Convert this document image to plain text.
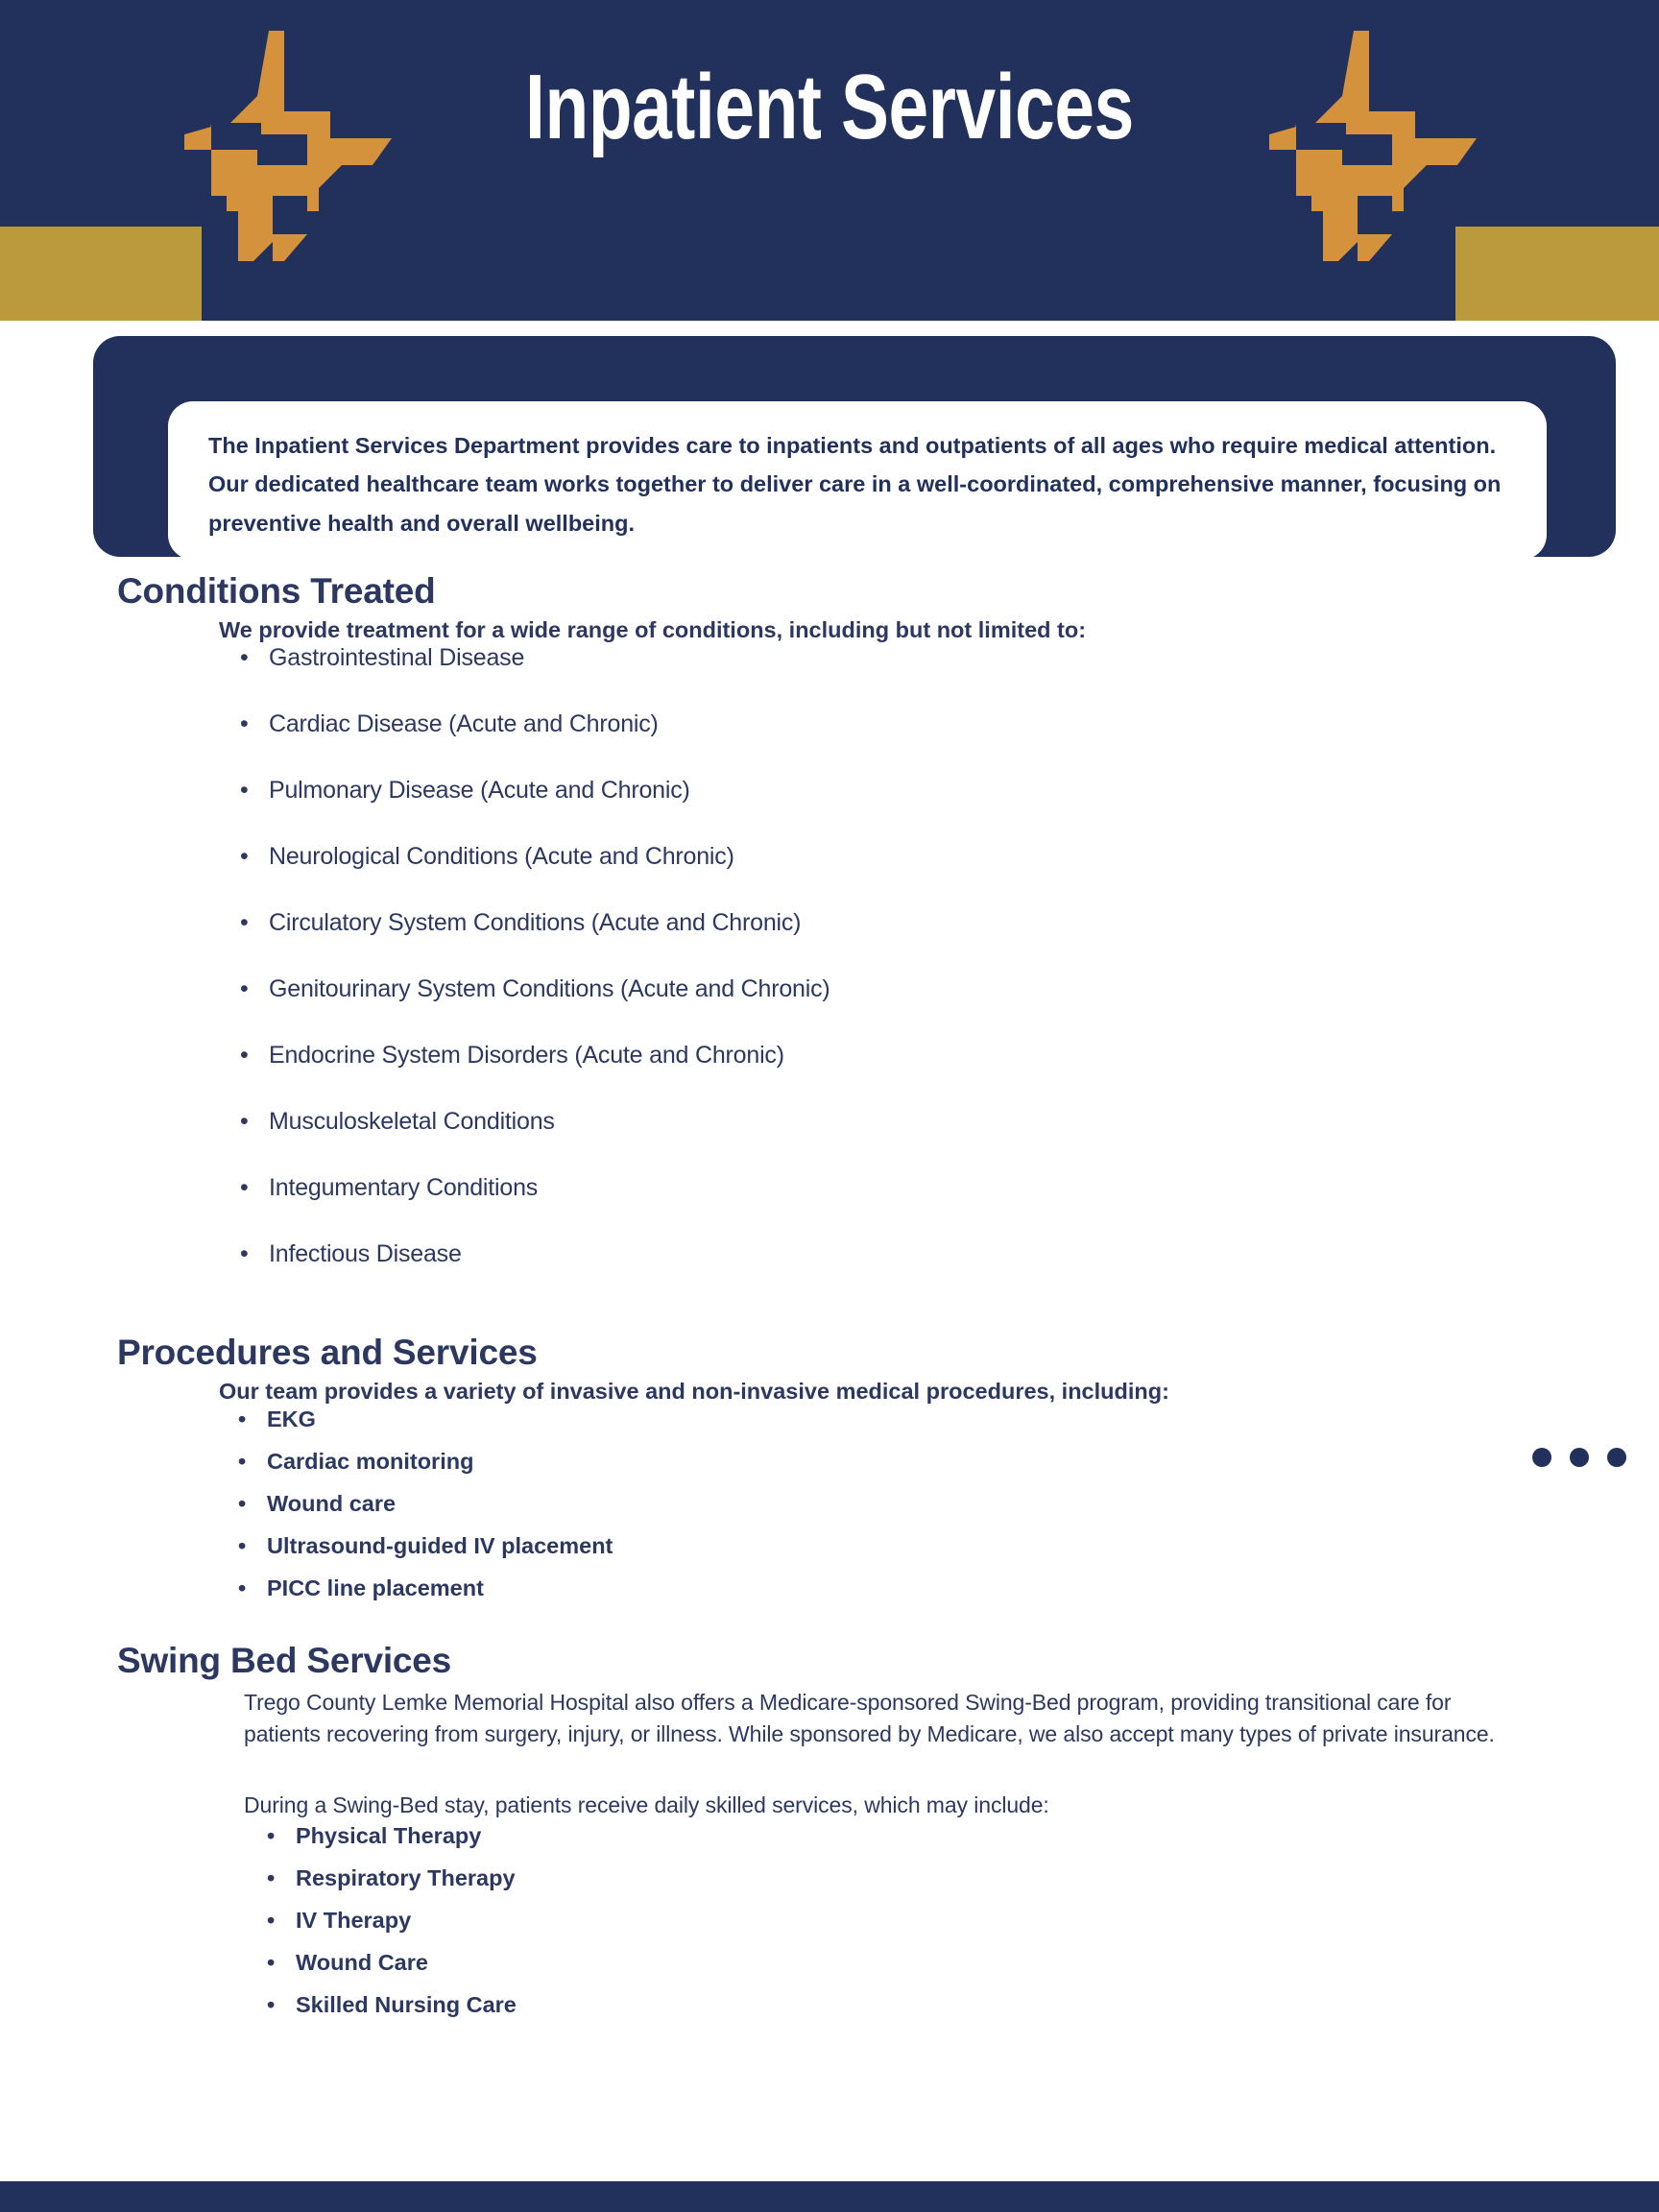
Inpatient Services

The Inpatient Services Department provides care to inpatients and outpatients of all ages who require medical attention. Our dedicated healthcare team works together to deliver care in a well-coordinated, comprehensive manner, focusing on preventive health and overall wellbeing.

Conditions Treated

We provide treatment for a wide range of conditions, including but not limited to:

• Gastrointestinal Disease
• Cardiac Disease (Acute and Chronic)
• Pulmonary Disease (Acute and Chronic)
• Neurological Conditions (Acute and Chronic)
• Circulatory System Conditions (Acute and Chronic)
• Genitourinary System Conditions (Acute and Chronic)
• Endocrine System Disorders (Acute and Chronic)
• Musculoskeletal Conditions
• Integumentary Conditions
• Infectious Disease
Procedures and Services

Our team provides a variety of invasive and non-invasive medical procedures, including:

• EKG
• Cardiac monitoring
• Wound care
• Ultrasound-guided IV placement
• PICC line placement
Swing Bed Services

Trego County Lemke Memorial Hospital also offers a Medicare-sponsored Swing-Bed program, providing transitional care for patients recovering from surgery, injury, or illness. While sponsored by Medicare, we also accept many types of private insurance.

During a Swing-Bed stay, patients receive daily skilled services, which may include:

• Physical Therapy
• Respiratory Therapy
• IV Therapy
• Wound Care
• Skilled Nursing Care
